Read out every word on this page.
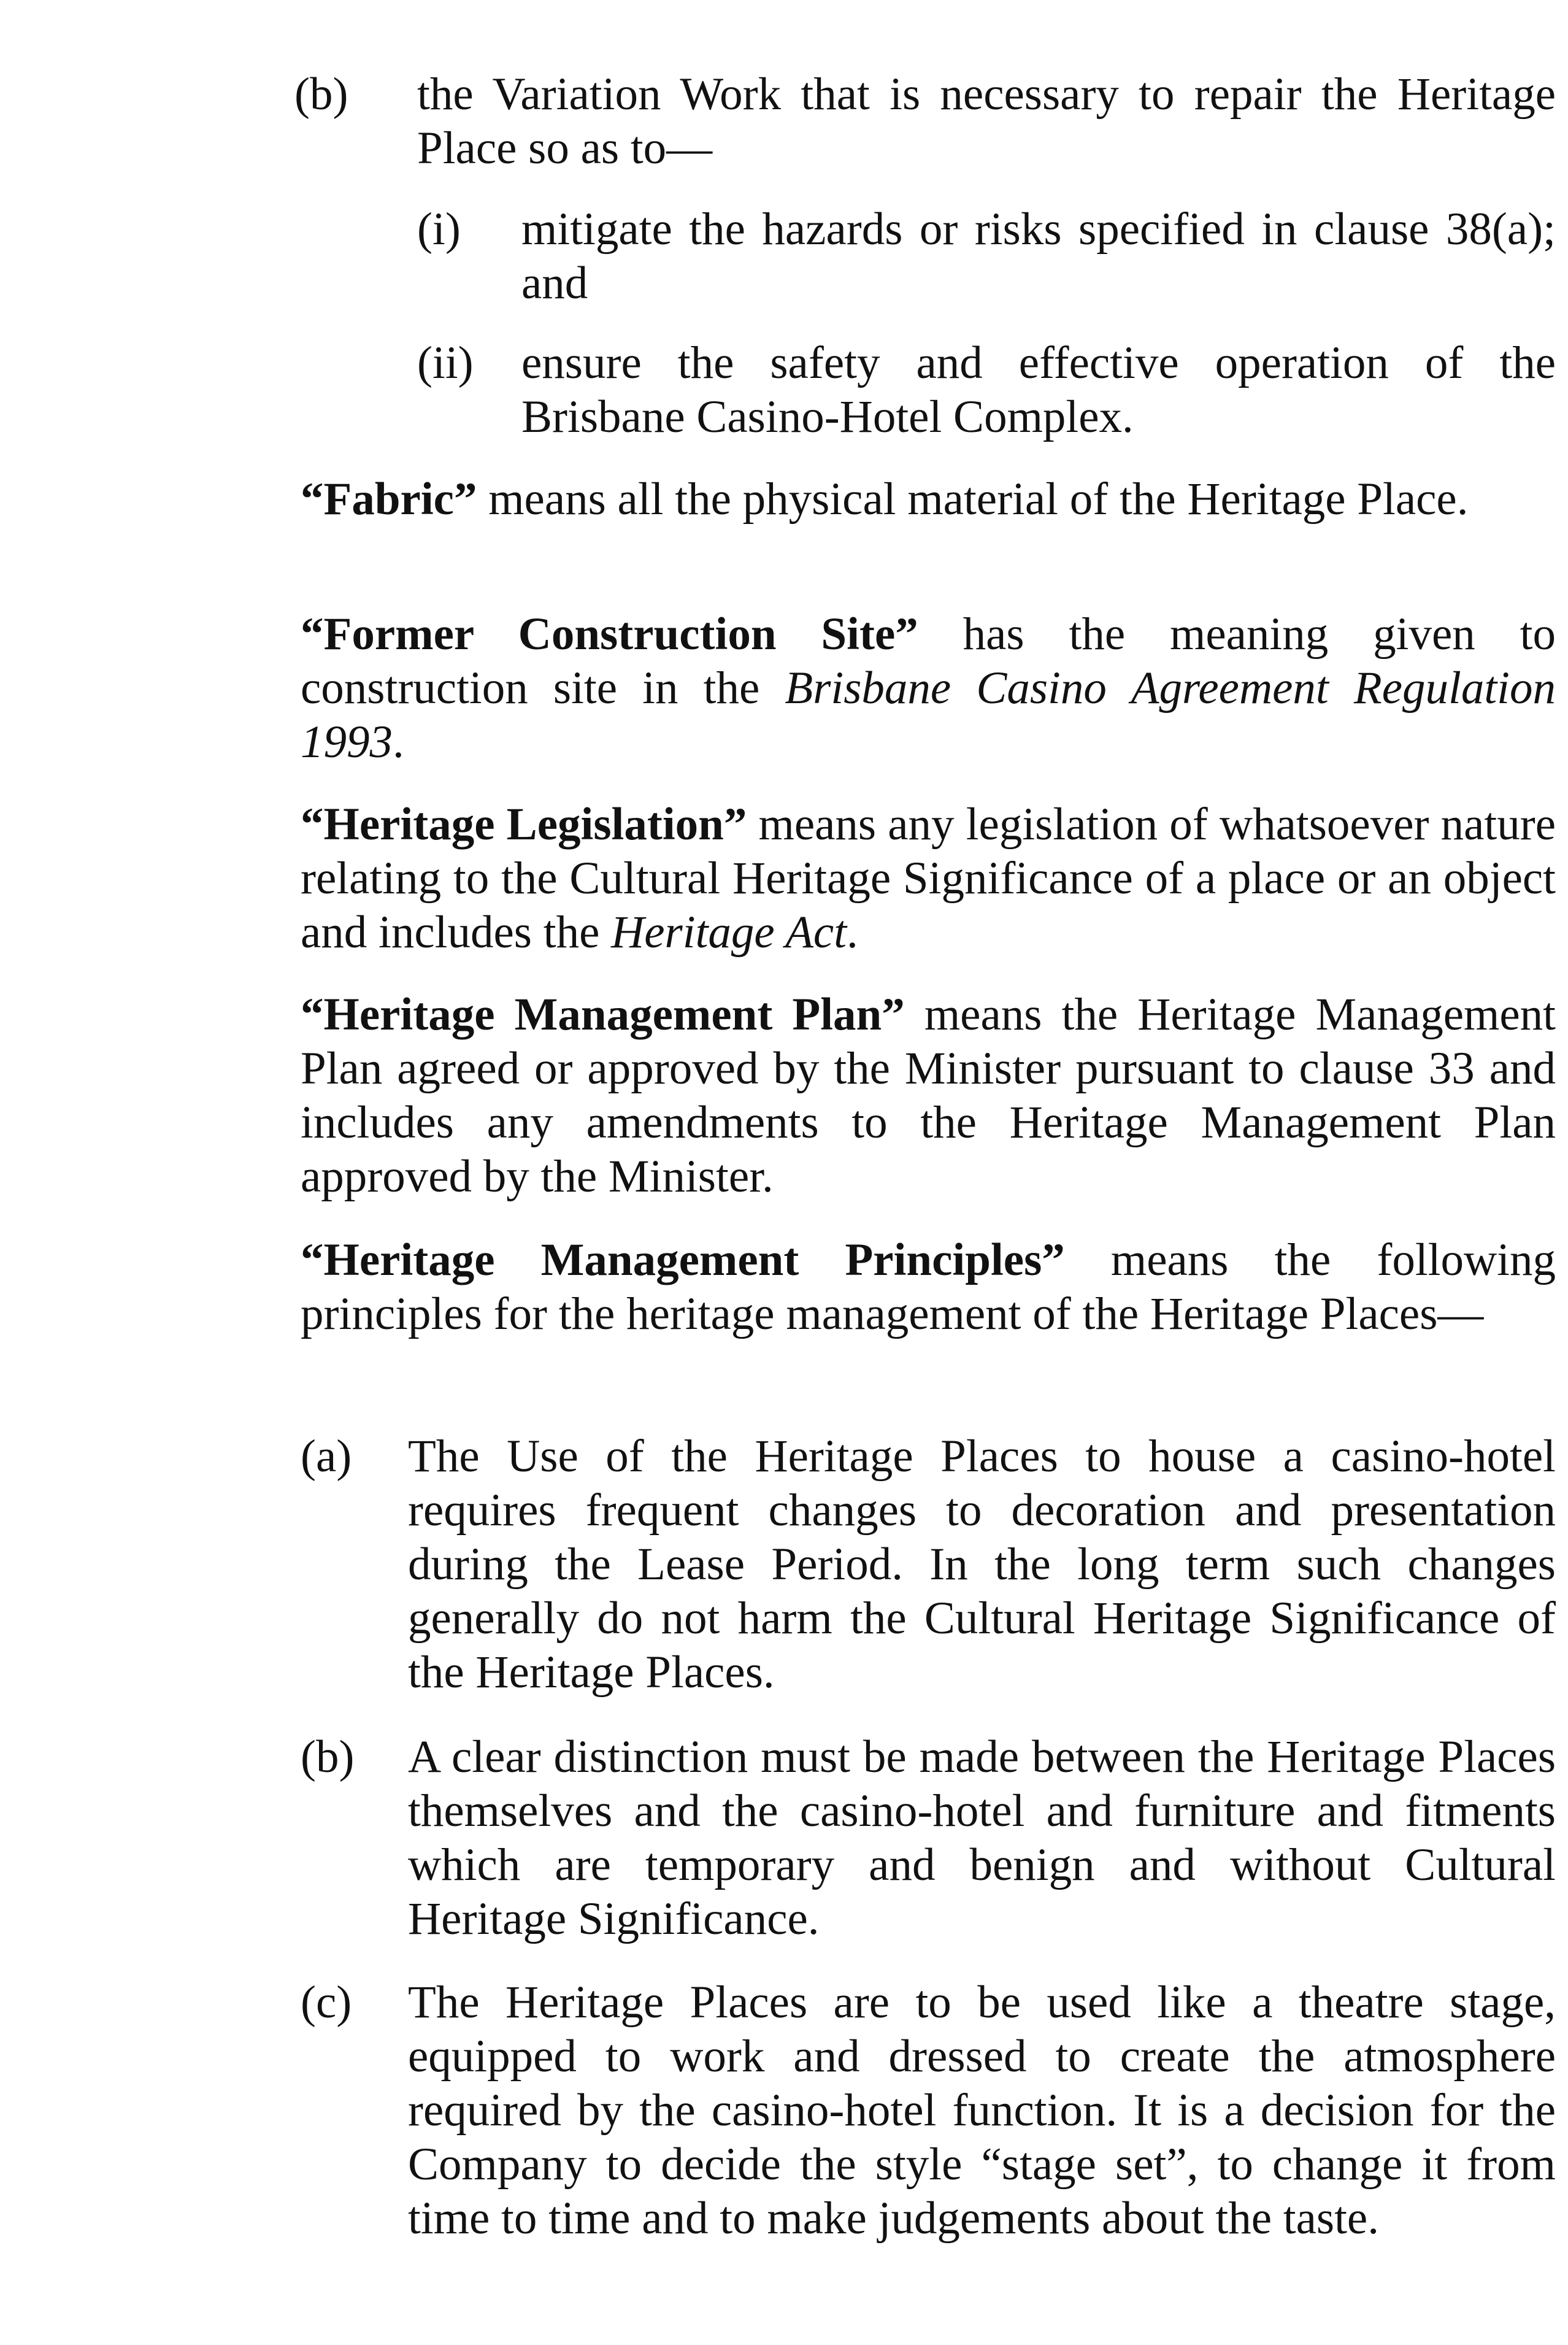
(b) the Variation Work that is necessary to repair the Heritage Place so as to—
(i) mitigate the hazards or risks specified in clause 38(a); and
(ii) ensure the safety and effective operation of the Brisbane Casino-Hotel Complex.

“Fabric” means all the physical material of the Heritage Place.

“Former Construction Site” has the meaning given to construction site in the Brisbane Casino Agreement Regulation 1993.

“Heritage Legislation” means any legislation of whatsoever nature relating to the Cultural Heritage Significance of a place or an object and includes the Heritage Act.

“Heritage Management Plan” means the Heritage Management Plan agreed or approved by the Minister pursuant to clause 33 and includes any amendments to the Heritage Management Plan approved by the Minister.

“Heritage Management Principles” means the following principles for the heritage management of the Heritage Places—

(a) The Use of the Heritage Places to house a casino-hotel requires frequent changes to decoration and presentation during the Lease Period. In the long term such changes generally do not harm the Cultural Heritage Significance of the Heritage Places.
(b) A clear distinction must be made between the Heritage Places themselves and the casino-hotel and furniture and fitments which are temporary and benign and without Cultural Heritage Significance.
(c) The Heritage Places are to be used like a theatre stage, equipped to work and dressed to create the atmosphere required by the casino-hotel function. It is a decision for the Company to decide the style “stage set”, to change it from time to time and to make judgements about the taste.
